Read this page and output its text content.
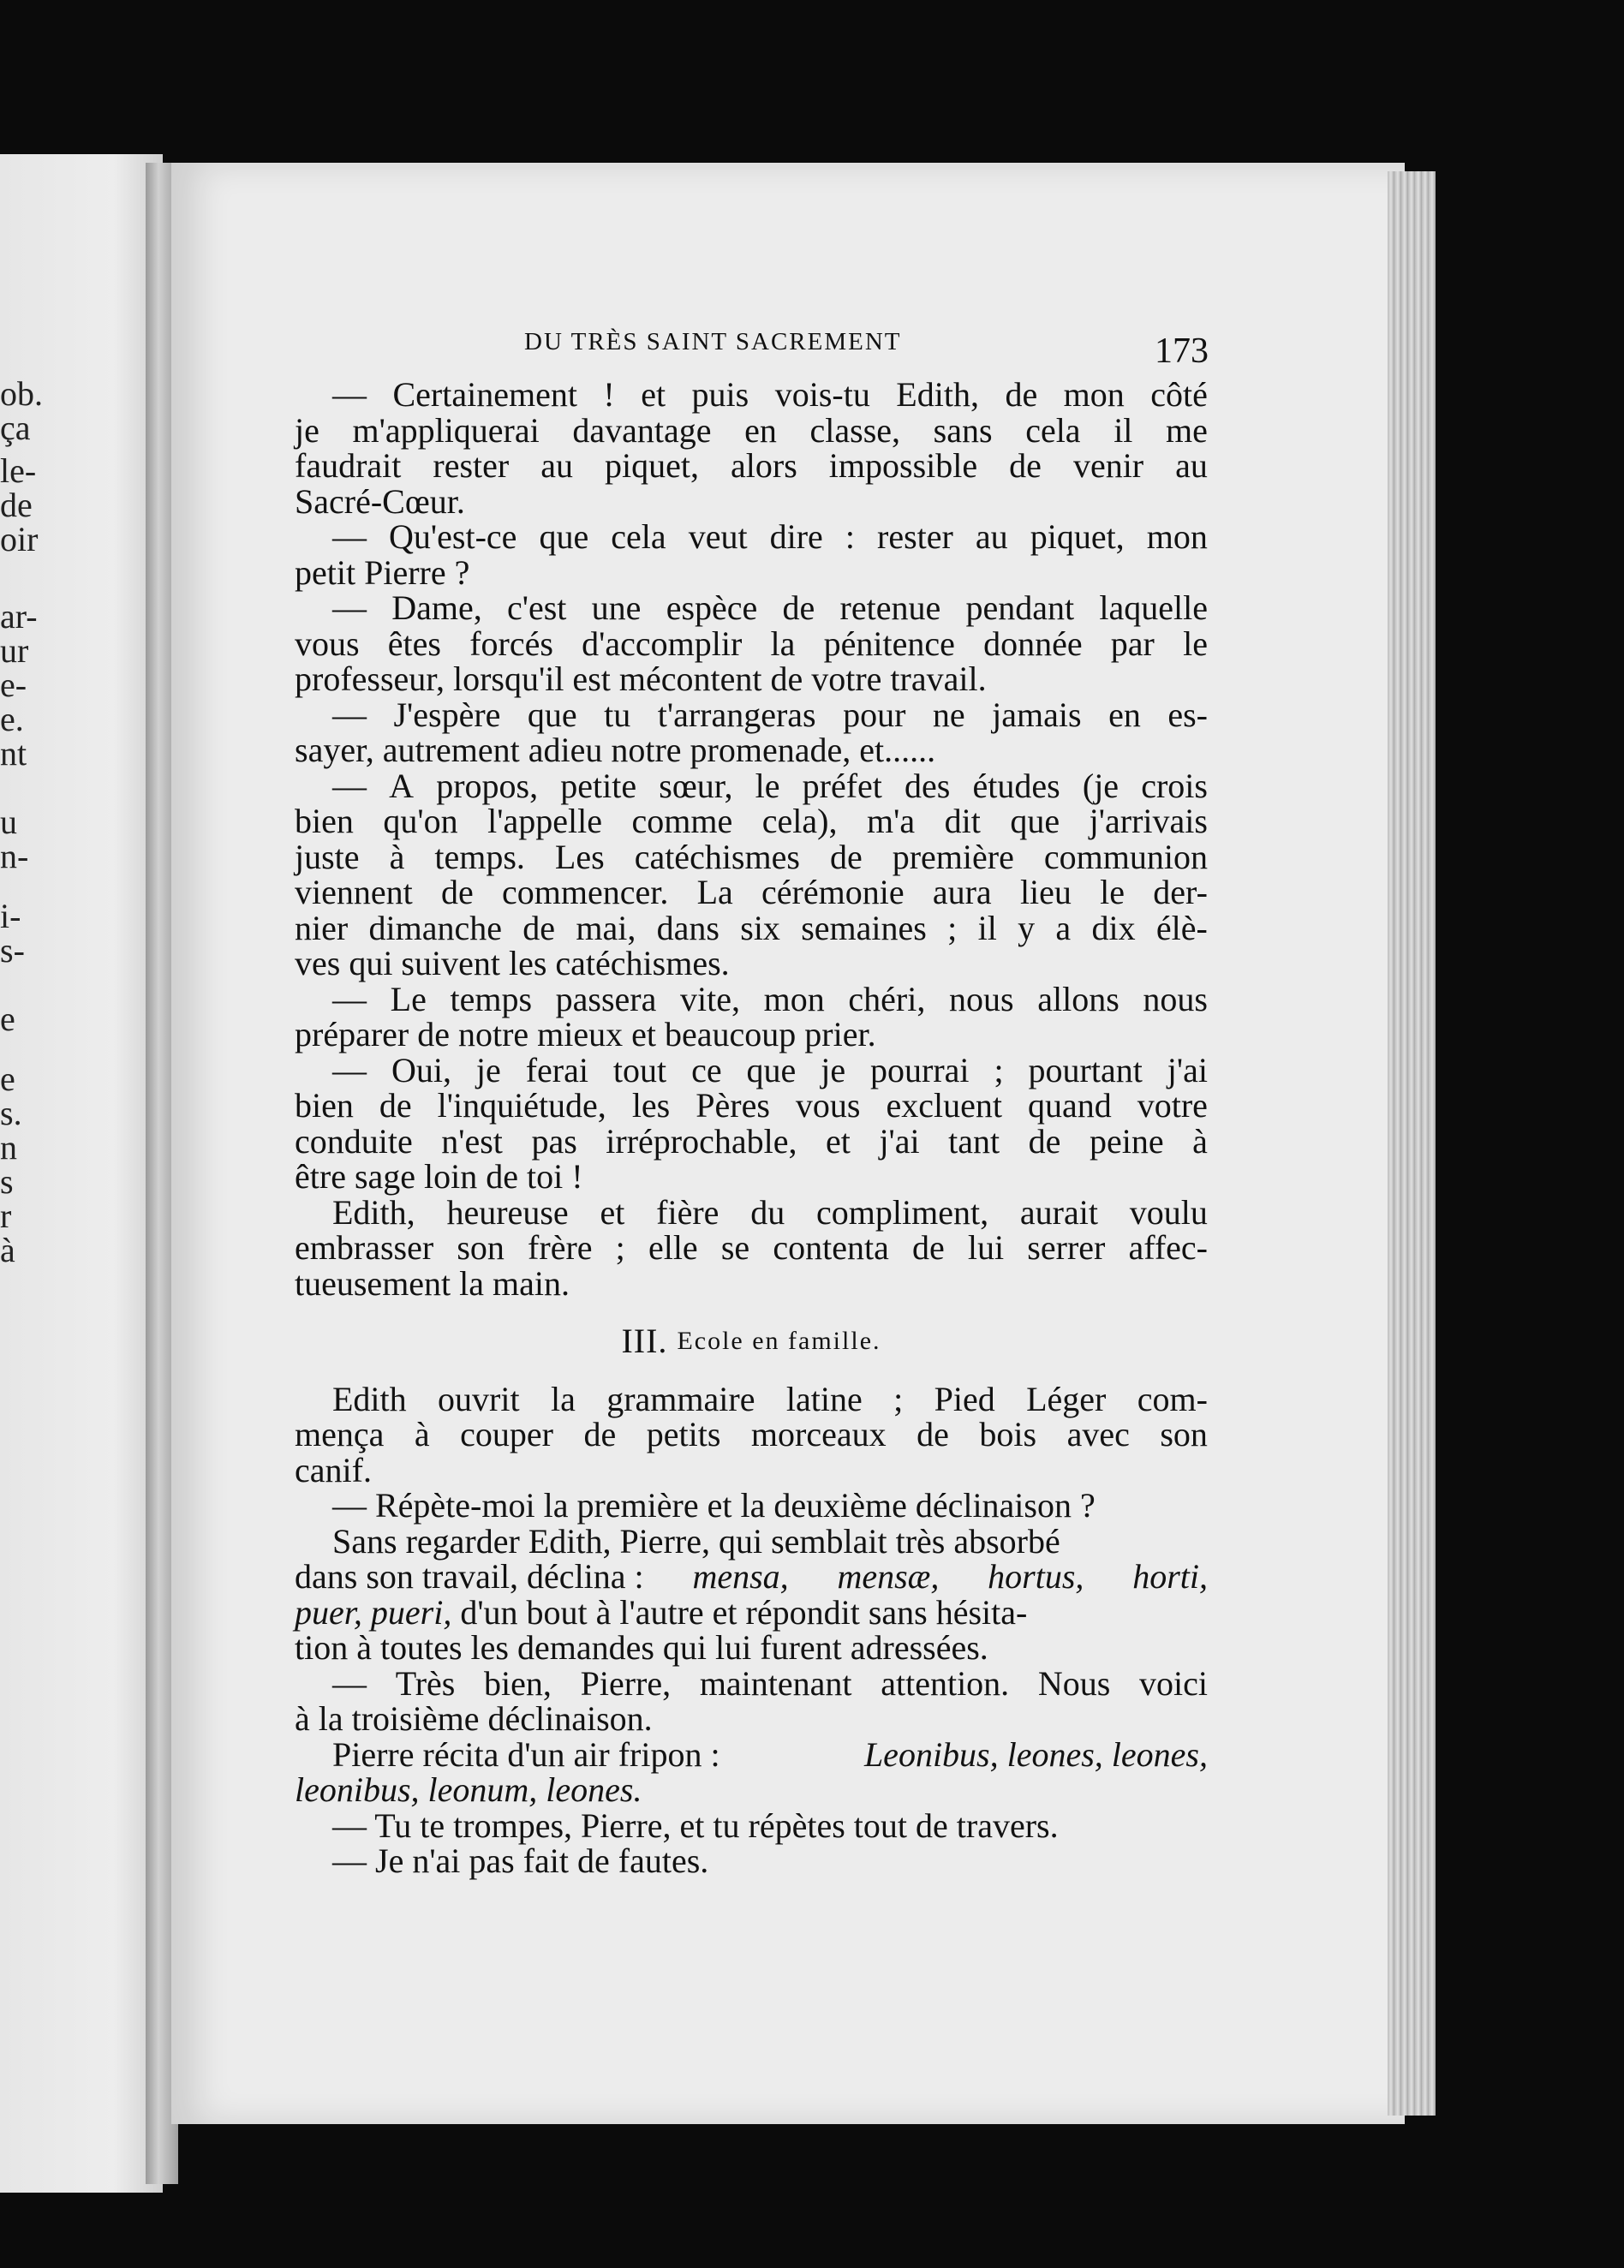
ob.
ça
le-
de
oir
ar-
ur
e-
e.
nt
u
n-
i-
s-
e
e
s.
n
s
r
à
DU TRÈS SAINT SACREMENT	173
— Certainement ! et puis vois-tu Edith, de mon côté
je m'appliquerai davantage en classe, sans cela il me
faudrait rester au piquet, alors impossible de venir au
Sacré-Cœur.
— Qu'est-ce que cela veut dire : rester au piquet, mon
petit Pierre ?
— Dame, c'est une espèce de retenue pendant laquelle
vous êtes forcés d'accomplir la pénitence donnée par le
professeur, lorsqu'il est mécontent de votre travail.
— J'espère que tu t'arrangeras pour ne jamais en es-
sayer, autrement adieu notre promenade, et......
— A propos, petite sœur, le préfet des études (je crois
bien qu'on l'appelle comme cela), m'a dit que j'arrivais
juste à temps. Les catéchismes de première communion
viennent de commencer. La cérémonie aura lieu le der-
nier dimanche de mai, dans six semaines ; il y a dix élè-
ves qui suivent les catéchismes.
— Le temps passera vite, mon chéri, nous allons nous
préparer de notre mieux et beaucoup prier.
— Oui, je ferai tout ce que je pourrai ; pourtant j'ai
bien de l'inquiétude, les Pères vous excluent quand votre
conduite n'est pas irréprochable, et j'ai tant de peine à
être sage loin de toi !
Edith, heureuse et fière du compliment, aurait voulu
embrasser son frère ; elle se contenta de lui serrer affec-
tueusement la main.
III.
Ecole en famille.
Edith ouvrit la grammaire latine ; Pied Léger com-
mença à couper de petits morceaux de bois avec son
canif.
— Répète-moi la première et la deuxième déclinaison ?
Sans regarder Edith, Pierre, qui semblait très absorbé
dans son travail, déclina : mensa, mensæ, hortus, horti,
puer, pueri, d'un bout à l'autre et répondit sans hésita-
tion à toutes les demandes qui lui furent adressées.
— Très bien, Pierre, maintenant attention. Nous voici
à la troisième déclinaison.
Pierre récita d'un air fripon :	Leonibus, leones, leones,
leonibus, leonum, leones.
— Tu te trompes, Pierre, et tu répètes tout de travers.
— Je n'ai pas fait de fautes.
